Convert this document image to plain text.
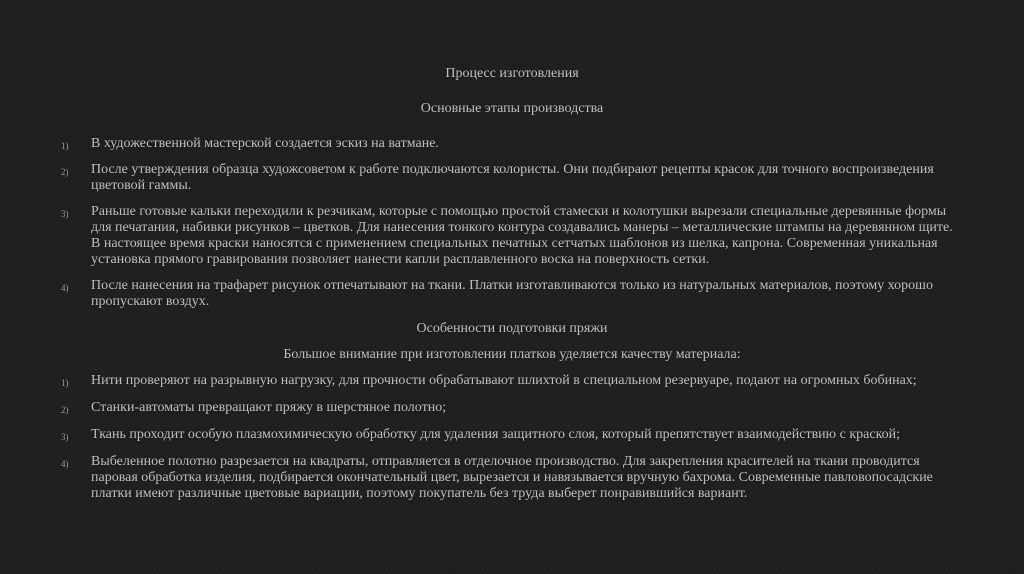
Процесс изготовления

Основные этапы производства

1) В художественной мастерской создается эскиз на ватмане.
2) После утверждения образца художсоветом к работе подключаются колористы. Они подбирают рецепты красок для точного воспроизведения цветовой гаммы.
3) Раньше готовые кальки переходили к резчикам, которые с помощью простой стамески и колотушки вырезали специальные деревянные формы для печатания, набивки рисунков – цветков. Для нанесения тонкого контура создавались манеры – металлические штампы на деревянном щите. В настоящее время краски наносятся с применением специальных печатных сетчатых шаблонов из шелка, капрона. Современная уникальная установка прямого гравирования позволяет нанести капли расплавленного воска на поверхность сетки.
4) После нанесения на трафарет рисунок отпечатывают на ткани. Платки изготавливаются только из натуральных материалов, поэтому хорошо пропускают воздух.

Особенности подготовки пряжи

Большое внимание при изготовлении платков уделяется качеству материала:

1) Нити проверяют на разрывную нагрузку, для прочности обрабатывают шлихтой в специальном резервуаре, подают на огромных бобинах;
2) Станки-автоматы превращают пряжу в шерстяное полотно;
3) Ткань проходит особую плазмохимическую обработку для удаления защитного слоя, который препятствует взаимодействию с краской;
4) Выбеленное полотно разрезается на квадраты, отправляется в отделочное производство. Для закрепления красителей на ткани проводится паровая обработка изделия, подбирается окончательный цвет, вырезается и навязывается вручную бахрома. Современные павловопосадские платки имеют различные цветовые вариации, поэтому покупатель без труда выберет понравившийся вариант.
